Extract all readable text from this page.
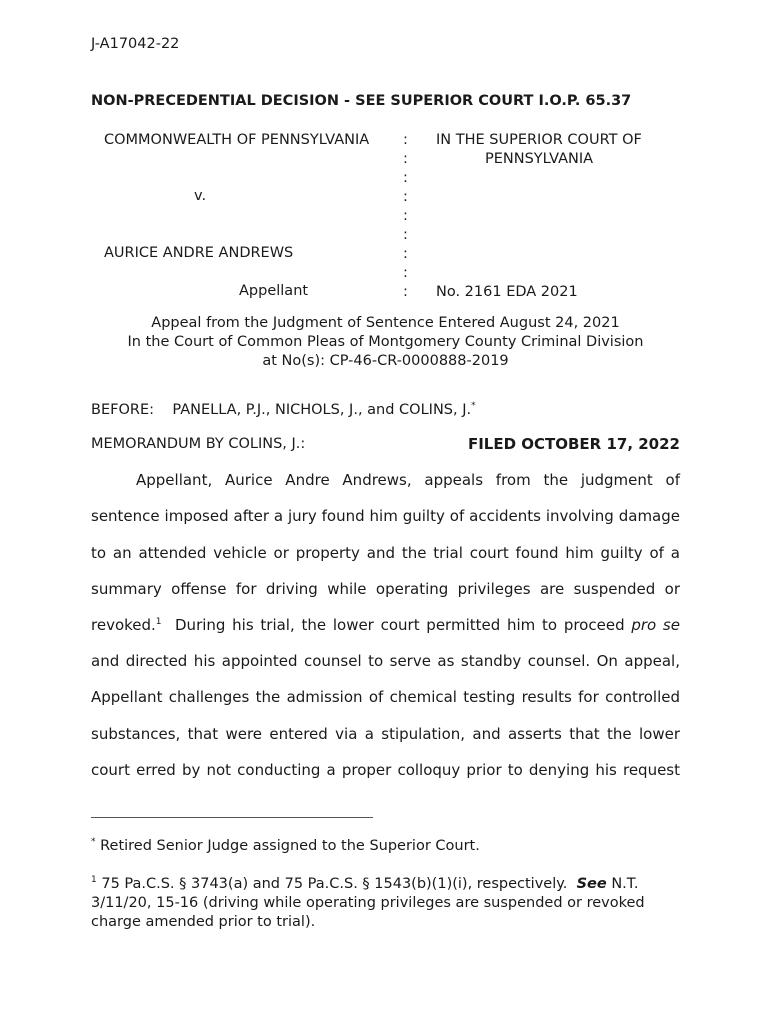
J-A17042-22
NON-PRECEDENTIAL DECISION - SEE SUPERIOR COURT I.O.P. 65.37
COMMONWEALTH OF PENNSYLVANIA
v.
AURICE ANDRE ANDREWS
Appellant
:
:
:
:
:
:
:
:
:
IN THE SUPERIOR COURT OF
PENNSYLVANIA
No. 2161 EDA 2021
Appeal from the Judgment of Sentence Entered August 24, 2021
In the Court of Common Pleas of Montgomery County Criminal Division
at No(s): CP-46-CR-0000888-2019
BEFORE: PANELLA, P.J., NICHOLS, J., and COLINS, J.*
MEMORANDUM BY COLINS, J.:	FILED OCTOBER 17, 2022
Appellant, Aurice Andre Andrews, appeals from the judgment of
sentence imposed after a jury found him guilty of accidents involving damage
to an attended vehicle or property and the trial court found him guilty of a
summary offense for driving while operating privileges are suspended or
revoked.$^1$  During his trial, the lower court permitted him to proceed pro se
and directed his appointed counsel to serve as standby counsel. On appeal,
Appellant challenges the admission of chemical testing results for controlled
substances, that were entered via a stipulation, and asserts that the lower
court erred by not conducting a proper colloquy prior to denying his request
* Retired Senior Judge assigned to the Superior Court.
$^1$ 75 Pa.C.S. § 3743(a) and 75 Pa.C.S. § 1543(b)(1)(i), respectively.  See N.T.
3/11/20, 15-16 (driving while operating privileges are suspended or revoked
charge amended prior to trial).
